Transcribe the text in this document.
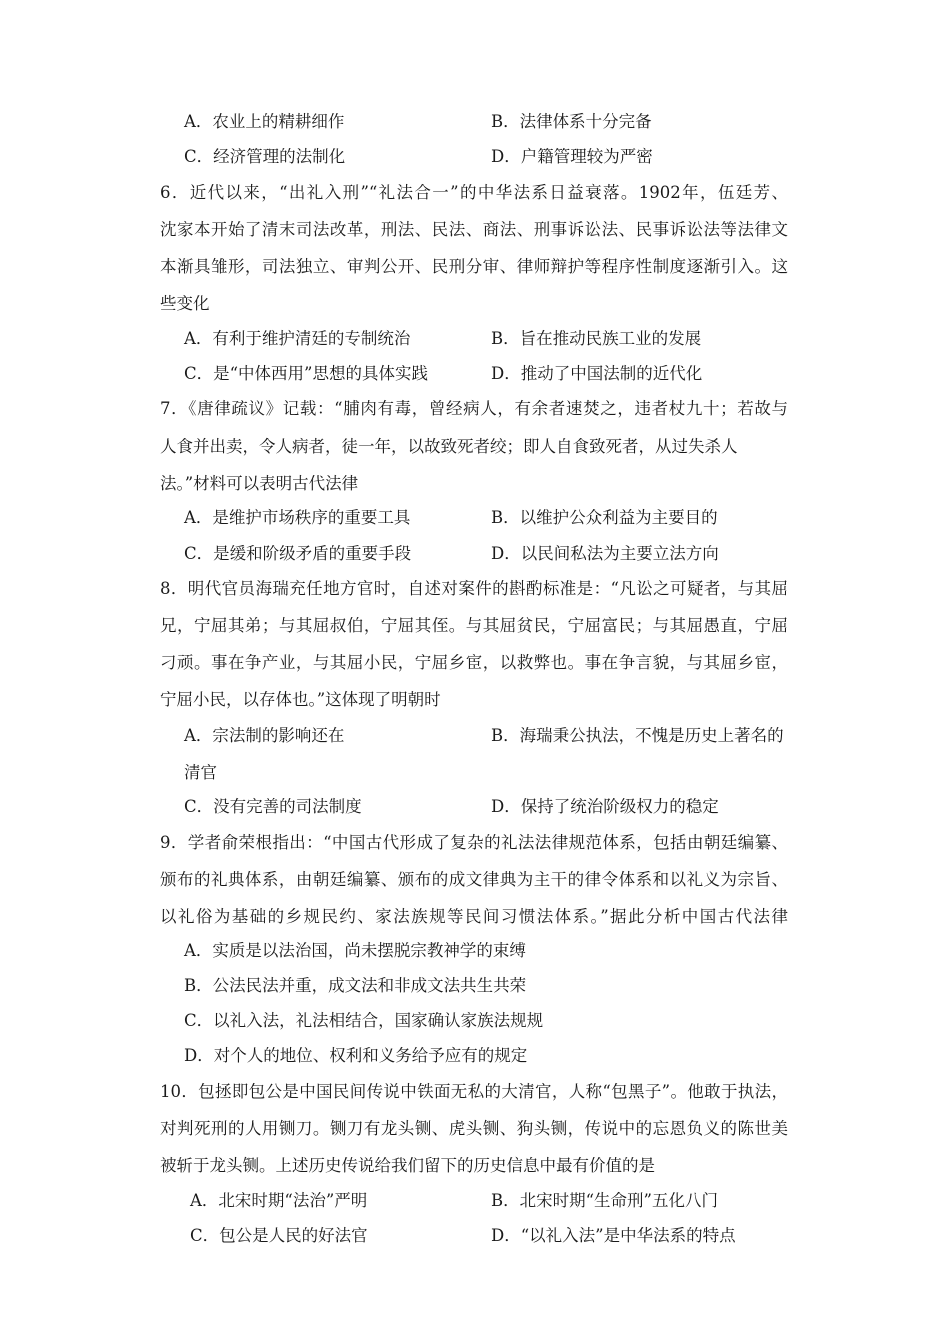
A．农业上的精耕细作	B．法律体系十分完备
C．经济管理的法制化	D．户籍管理较为严密
6．近代以来，“出礼入刑”“礼法合一”的中华法系日益衰落。1902年，伍廷芳、
沈家本开始了清末司法改革，刑法、民法、商法、刑事诉讼法、民事诉讼法等法律文
本渐具雏形，司法独立、审判公开、民刑分审、律师辩护等程序性制度逐渐引入。这
些变化
A．有利于维护清廷的专制统治	B．旨在推动民族工业的发展
C．是“中体西用”思想的具体实践	D．推动了中国法制的近代化
7．《唐律疏议》记载：“脯肉有毒，曾经病人，有余者速焚之，违者杖九十；若故与
人食并出卖，令人病者，徒一年，以故致死者绞；即人自食致死者，从过失杀人
法。”材料可以表明古代法律
A．是维护市场秩序的重要工具	B．以维护公众利益为主要目的
C．是缓和阶级矛盾的重要手段	D．以民间私法为主要立法方向
8．明代官员海瑞充任地方官时，自述对案件的斟酌标准是：“凡讼之可疑者，与其屈
兄，宁屈其弟；与其屈叔伯，宁屈其侄。与其屈贫民，宁屈富民；与其屈愚直，宁屈
刁顽。事在争产业，与其屈小民，宁屈乡宦，以救弊也。事在争言貌，与其屈乡宦，
宁屈小民，以存体也。”这体现了明朝时
A．宗法制的影响还在	B．海瑞秉公执法，不愧是历史上著名的
清官
C．没有完善的司法制度	D．保持了统治阶级权力的稳定
9．学者俞荣根指出：“中国古代形成了复杂的礼法法律规范体系，包括由朝廷编纂、
颁布的礼典体系，由朝廷编纂、颁布的成文律典为主干的律令体系和以礼义为宗旨、
以礼俗为基础的乡规民约、家法族规等民间习惯法体系。”据此分析中国古代法律
A．实质是以法治国，尚未摆脱宗教神学的束缚
B．公法民法并重，成文法和非成文法共生共荣
C．以礼入法，礼法相结合，国家确认家族法规规
D．对个人的地位、权利和义务给予应有的规定
10．包拯即包公是中国民间传说中铁面无私的大清官，人称“包黑子”。他敢于执法，
对判死刑的人用铡刀。铡刀有龙头铡、虎头铡、狗头铡，传说中的忘恩负义的陈世美
被斩于龙头铡。上述历史传说给我们留下的历史信息中最有价值的是
A．北宋时期“法治”严明	B．北宋时期“生命刑”五化八门
C．包公是人民的好法官	D．“以礼入法”是中华法系的特点
